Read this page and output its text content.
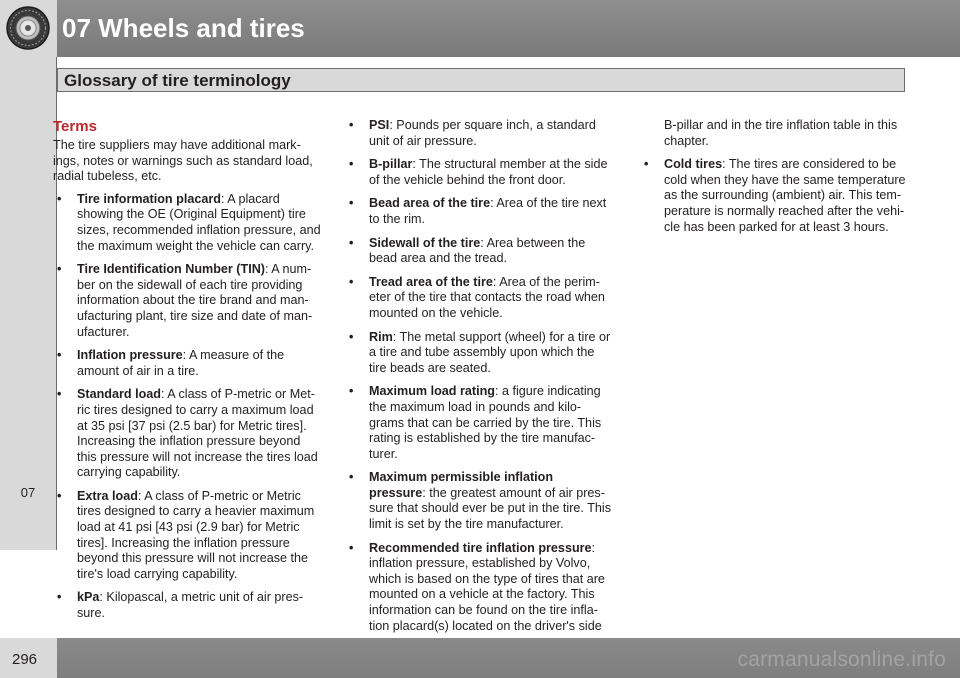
07 Wheels and tires
07
Glossary of tire terminology
Terms

The tire suppliers may have additional mark-ings, notes or warnings such as standard load, radial tubeless, etc.

• Tire information placard: A placard showing the OE (Original Equipment) tire sizes, recommended inflation pressure, and the maximum weight the vehicle can carry.
• Tire Identification Number (TIN): A num-ber on the sidewall of each tire providing information about the tire brand and man-ufacturing plant, tire size and date of man-ufacturer.
• Inflation pressure: A measure of the amount of air in a tire.
• Standard load: A class of P-metric or Met-ric tires designed to carry a maximum load at 35 psi [37 psi (2.5 bar) for Metric tires]. Increasing the inflation pressure beyond this pressure will not increase the tires load carrying capability.
• Extra load: A class of P-metric or Metric tires designed to carry a heavier maximum load at 41 psi [43 psi (2.9 bar) for Metric tires]. Increasing the inflation pressure beyond this pressure will not increase the tire's load carrying capability.
• kPa: Kilopascal, a metric unit of air pres-sure.
• PSI: Pounds per square inch, a standard unit of air pressure.
• B-pillar: The structural member at the side of the vehicle behind the front door.
• Bead area of the tire: Area of the tire next to the rim.
• Sidewall of the tire: Area between the bead area and the tread.
• Tread area of the tire: Area of the perim-eter of the tire that contacts the road when mounted on the vehicle.
• Rim: The metal support (wheel) for a tire or a tire and tube assembly upon which the tire beads are seated.
• Maximum load rating: a figure indicating the maximum load in pounds and kilo-grams that can be carried by the tire. This rating is established by the tire manufac-turer.
• Maximum permissible inflation pressure: the greatest amount of air pres-sure that should ever be put in the tire. This limit is set by the tire manufacturer.
• Recommended tire inflation pressure: inflation pressure, established by Volvo, which is based on the type of tires that are mounted on a vehicle at the factory. This information can be found on the tire infla-tion placard(s) located on the driver's side

B-pillar and in the tire inflation table in this chapter.

• Cold tires: The tires are considered to be cold when they have the same temperature as the surrounding (ambient) air. This tem-perature is normally reached after the vehi-cle has been parked for at least 3 hours.
296	carmanualsonline.info
